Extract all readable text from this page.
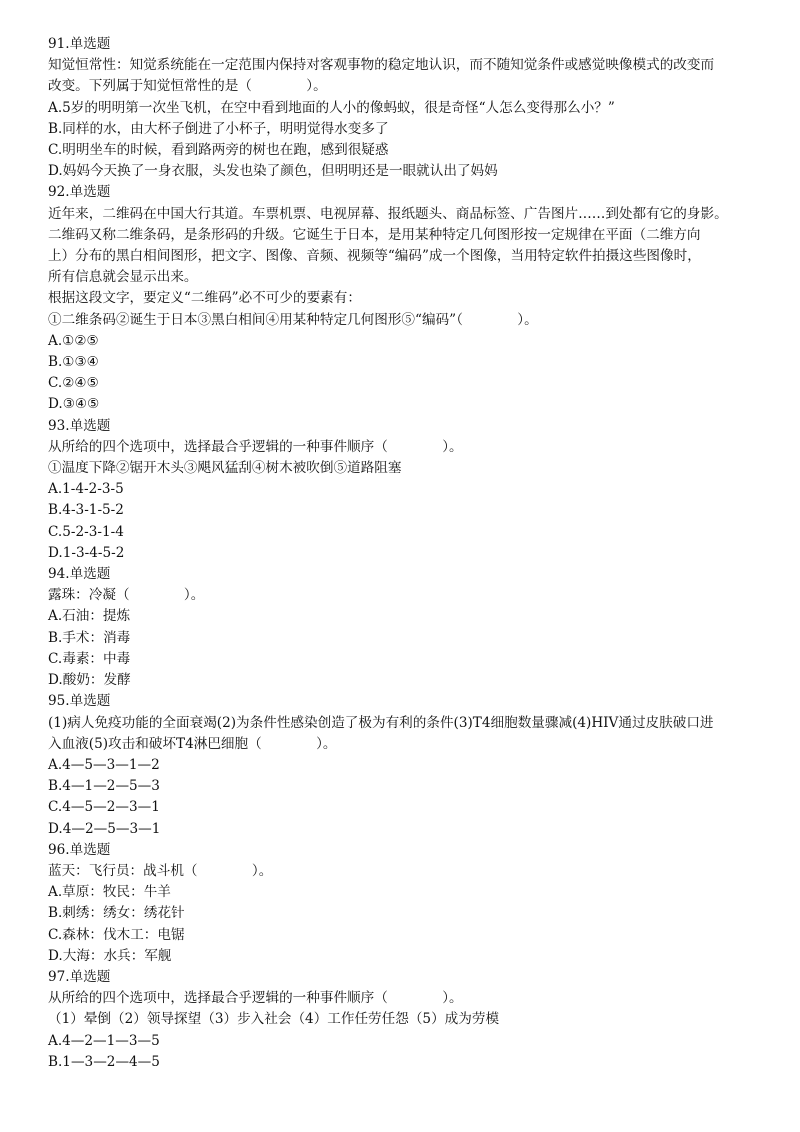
91.单选题
知觉恒常性：知觉系统能在一定范围内保持对客观事物的稳定地认识，而不随知觉条件或感觉映像模式的改变而
改变。下列属于知觉恒常性的是（　　　　）。
A.5岁的明明第一次坐飞机，在空中看到地面的人小的像蚂蚁，很是奇怪“人怎么变得那么小？”
B.同样的水，由大杯子倒进了小杯子，明明觉得水变多了
C.明明坐车的时候，看到路两旁的树也在跑，感到很疑惑
D.妈妈今天换了一身衣服，头发也染了颜色，但明明还是一眼就认出了妈妈
92.单选题
近年来，二维码在中国大行其道。车票机票、电视屏幕、报纸题头、商品标签、广告图片……到处都有它的身影。
二维码又称二维条码，是条形码的升级。它诞生于日本，是用某种特定几何图形按一定规律在平面（二维方向
上）分布的黑白相间图形，把文字、图像、音频、视频等“编码”成一个图像，当用特定软件拍摄这些图像时，
所有信息就会显示出来。
根据这段文字，要定义“二维码”必不可少的要素有：
①二维条码②诞生于日本③黑白相间④用某种特定几何图形⑤“编码”（　　　　）。
A.①②⑤
B.①③④
C.②④⑤
D.③④⑤
93.单选题
从所给的四个选项中，选择最合乎逻辑的一种事件顺序（　　　　）。
①温度下降②锯开木头③飓风猛刮④树木被吹倒⑤道路阻塞
A.1-4-2-3-5
B.4-3-1-5-2
C.5-2-3-1-4
D.1-3-4-5-2
94.单选题
露珠：冷凝（　　　　）。
A.石油：提炼
B.手术：消毒
C.毒素：中毒
D.酸奶：发酵
95.单选题
(1)病人免疫功能的全面衰竭(2)为条件性感染创造了极为有利的条件(3)T4细胞数量骤减(4)HIV通过皮肤破口进
入血液(5)攻击和破坏T4淋巴细胞（　　　　）。
A.4—5—3—1—2
B.4—1—2—5—3
C.4—5—2—3—1
D.4—2—5—3—1
96.单选题
蓝天：飞行员：战斗机（　　　　）。
A.草原：牧民：牛羊
B.刺绣：绣女：绣花针
C.森林：伐木工：电锯
D.大海：水兵：军舰
97.单选题
从所给的四个选项中，选择最合乎逻辑的一种事件顺序（　　　　）。
（1）晕倒（2）领导探望（3）步入社会（4）工作任劳任怨（5）成为劳模
A.4—2—1—3—5
B.1—3—2—4—5
